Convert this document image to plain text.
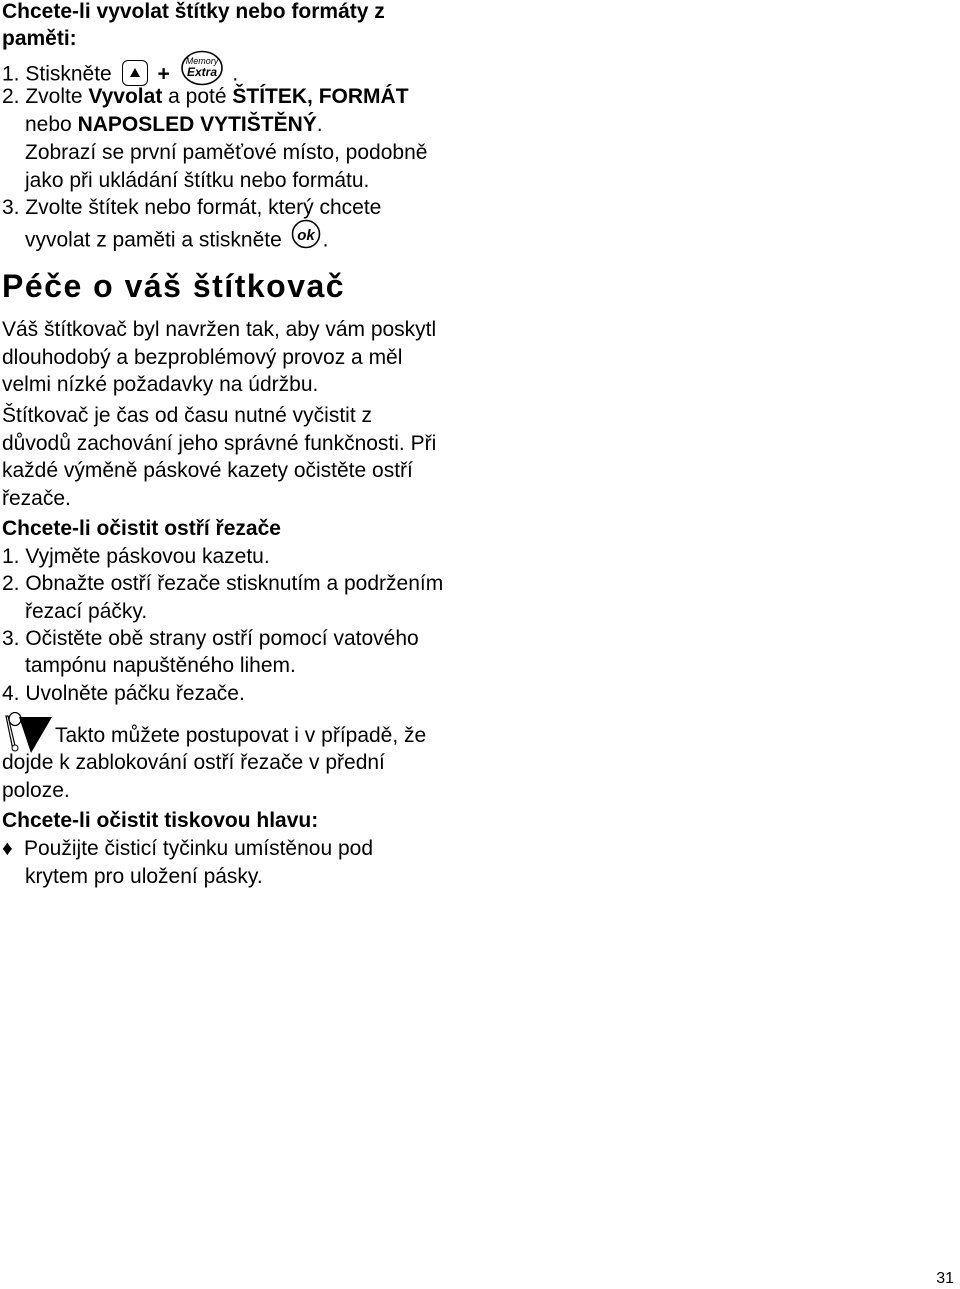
Chcete-li vyvolat štítky nebo formáty z
paměti:
1. Stiskněte +
Memory
Extra .
2. Zvolte Vyvolat a poté ŠTÍTEK, FORMÁT
nebo NAPOSLED VYTIŠTĚNÝ.
Zobrazí se první paměťové místo, podobně
jako při ukládání štítku nebo formátu.
3. Zvolte štítek nebo formát, který chcete
vyvolat z paměti a stiskněte ok .
Péče o váš štítkovač
Váš štítkovač byl navržen tak, aby vám poskytl
dlouhodobý a bezproblémový provoz a měl
velmi nízké požadavky na údržbu.
Štítkovač je čas od času nutné vyčistit z
důvodů zachování jeho správné funkčnosti. Při
každé výměně páskové kazety očistěte ostří
řezače.
Chcete-li očistit ostří řezače
1. Vyjměte páskovou kazetu.
2. Obnažte ostří řezače stisknutím a podržením
řezací páčky.
3. Očistěte obě strany ostří pomocí vatového
tampónu napuštěného lihem.
4. Uvolněte páčku řezače.
Takto můžete postupovat i v případě, že
dojde k zablokování ostří řezače v přední
poloze.
Chcete-li očistit tiskovou hlavu:
♦ Použijte čisticí tyčinku umístěnou pod
krytem pro uložení pásky.
31
